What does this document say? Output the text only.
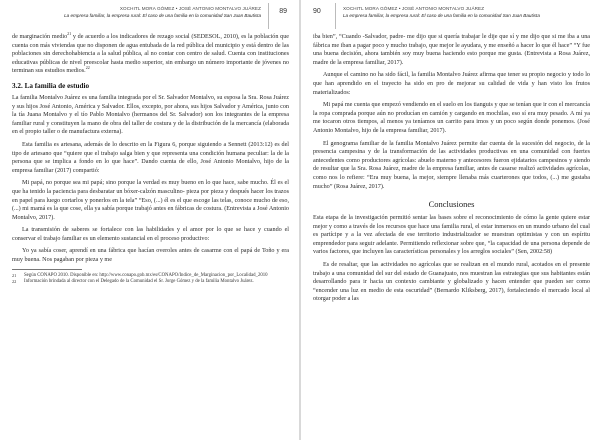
XOCHITL MORA GÓMEZ • JOSÉ ANTONIO MONTALVO JUÁREZ
La empresa familiar, la empresa rural: El caso de una familia en la comunidad San Juan Bautista
89

de marginación medio$^{21}$ y de acuerdo a los indicadores de rezago social (SEDESOL, 2010), es la población que cuenta con más viviendas que no disponen de agua entubada de la red pública del municipio y está dentro de las poblaciones sin derechohabiencia a la salud pública, al no contar con centro de salud. Cuenta con instituciones educativas públicas de nivel preescolar hasta medio superior, sin embargo un número importante de jóvenes no terminan sus estudios medios.$^{22}$

3.2. La familia de estudio

La familia Montalvo Juárez es una familia integrada por el Sr. Salvador Montalvo, su esposa la Sra. Rosa Juárez y sus hijos José Antonio, América y Salvador. Ellos, excepto, por ahora, sus hijos Salvador y América, junto con la tía Juana Montalvo y el tío Pablo Montalvo (hermanos del Sr. Salvador) son los integrantes de la empresa familiar rural y constituyen la mano de obra del taller de costura y de la distribución de la mercancía (elaborada en el propio taller o de manufactura externa).

Esta familia es artesana, además de lo descrito en la Figura 6, porque siguiendo a Sennett (2013:12) es del tipo de artesano que “quiere que el trabajo salga bien y que representa una condición humana peculiar: la de la persona que se implica a fondo en lo que hace”. Dando cuenta de ello, José Antonio Montalvo, hijo de la empresa familiar (2017) compartió:

Mi papá, no porque sea mi papá; sino porque la verdad es muy bueno en lo que hace, sabe mucho. Él es el que ha tenido la paciencia para desbaratar un bóxer-calzón masculino- pieza por pieza y después hacer los trazos en papel para luego cortarlos y ponerlos en la tela” “Eso, (...) él es el que escoge las telas, conoce mucho de eso, (...) mi mamá es la que cose, ella ya sabía porque trabajó antes en fábricas de costura. (Entrevista a José Antonio Montalvo, 2017).

La transmisión de saberes se fortalece con las habilidades y el amor por lo que se hace y cuando el conservar el trabajo familiar es un elemento sustancial en el proceso productivo:

Yo ya sabía coser, aprendí en una fábrica que hacían overoles antes de casarme con el papá de Toño y era muy buena. Nos pagaban por pieza y me

21	Según CONAPO 2010. Disponible en: http://www.conapo.gob.mx/es/CONAPO/Indice_de_Marginacion_por_Localidad_2010
22	Información brindada al director con el Delegado de la Comunidad el Sr. Jorge Gómez y de la familia Montalvo Juárez.
90	XOCHITL MORA GÓMEZ • JOSÉ ANTONIO MONTALVO JUÁREZ
La empresa familiar, la empresa rural: El caso de una familia en la comunidad San Juan Bautista

iba bien”, “Cuando -Salvador, padre- me dijo que si quería trabajar le dije que sí y me dijo que si me iba a una fábrica me iban a pagar poco y mucho trabajo, que mejor le ayudara, y me enseñó a hacer lo que él hace” “Y fue una buena decisión, ahora también soy muy buena haciendo esto porque me gusta. (Entrevista a Rosa Juárez, madre de la empresa familiar, 2017).

Aunque el camino no ha sido fácil, la familia Montalvo Juárez afirma que tener su propio negocio y todo lo que han aprendido en el trayecto ha sido en pro de mejorar su calidad de vida y han visto los frutos materializados:

Mi papá me cuenta que empezó vendiendo en el suelo en los tianguis y que se tenían que ir con el mercancía la ropa comprada porque aún no producían en camión y cargando en mochilas, eso sí era muy pesado. A mí ya me tocaron otros tiempos, al menos ya teníamos un carrito para irnos y un poco según donde ponemos. (José Antonio Montalvo, hijo de la empresa familiar, 2017).

El genograma familiar de la familia Montalvo Juárez permite dar cuenta de la sucesión del negocio, de la presencia campesina y de la transformación de las actividades productivas en una comunidad con fuertes antecedentes como productores agrícolas: abuelo materno y antecesores fueron ejidatarios campesinos y siendo de resultar que la Sra. Rosa Juárez, madre de la empresa familiar, antes de casarse realizó actividades agrícolas, como nos lo refiere: “Era muy buena, la mejor, siempre llenaba más cuarterones que todos, (...) me gustaba mucho” (Rosa Juárez, 2017).

Conclusiones

Esta etapa de la investigación permitió sentar las bases sobre el reconocimiento de cómo la gente quiere estar mejor y como a través de los recursos que hace una familia rural, el estar inmersos en un mundo urbano del cual es partícipe y a la vez afectada de ese territorio industrializador se muestran optimistas y con un espíritu emprendedor para seguir adelante. Permitiendo reflexionar sobre que, “la capacidad de una persona depende de varios factores, que incluyen las características personales y los arreglos sociales” (Sen, 2002:58)

Es de resaltar, que las actividades no agrícolas que se realizan en el mundo rural, acotados en el presente trabajo a una comunidad del sur del estado de Guanajuato, nos muestran las estrategias que sus habitantes están desarrollando para ir hacia un contexto cambiante y globalizado y hacen entender que pueden ser como “encender una luz en medio de esta oscuridad” (Bernardo Kliksberg, 2017), fortaleciendo el mercado local al otorgar poder a las
